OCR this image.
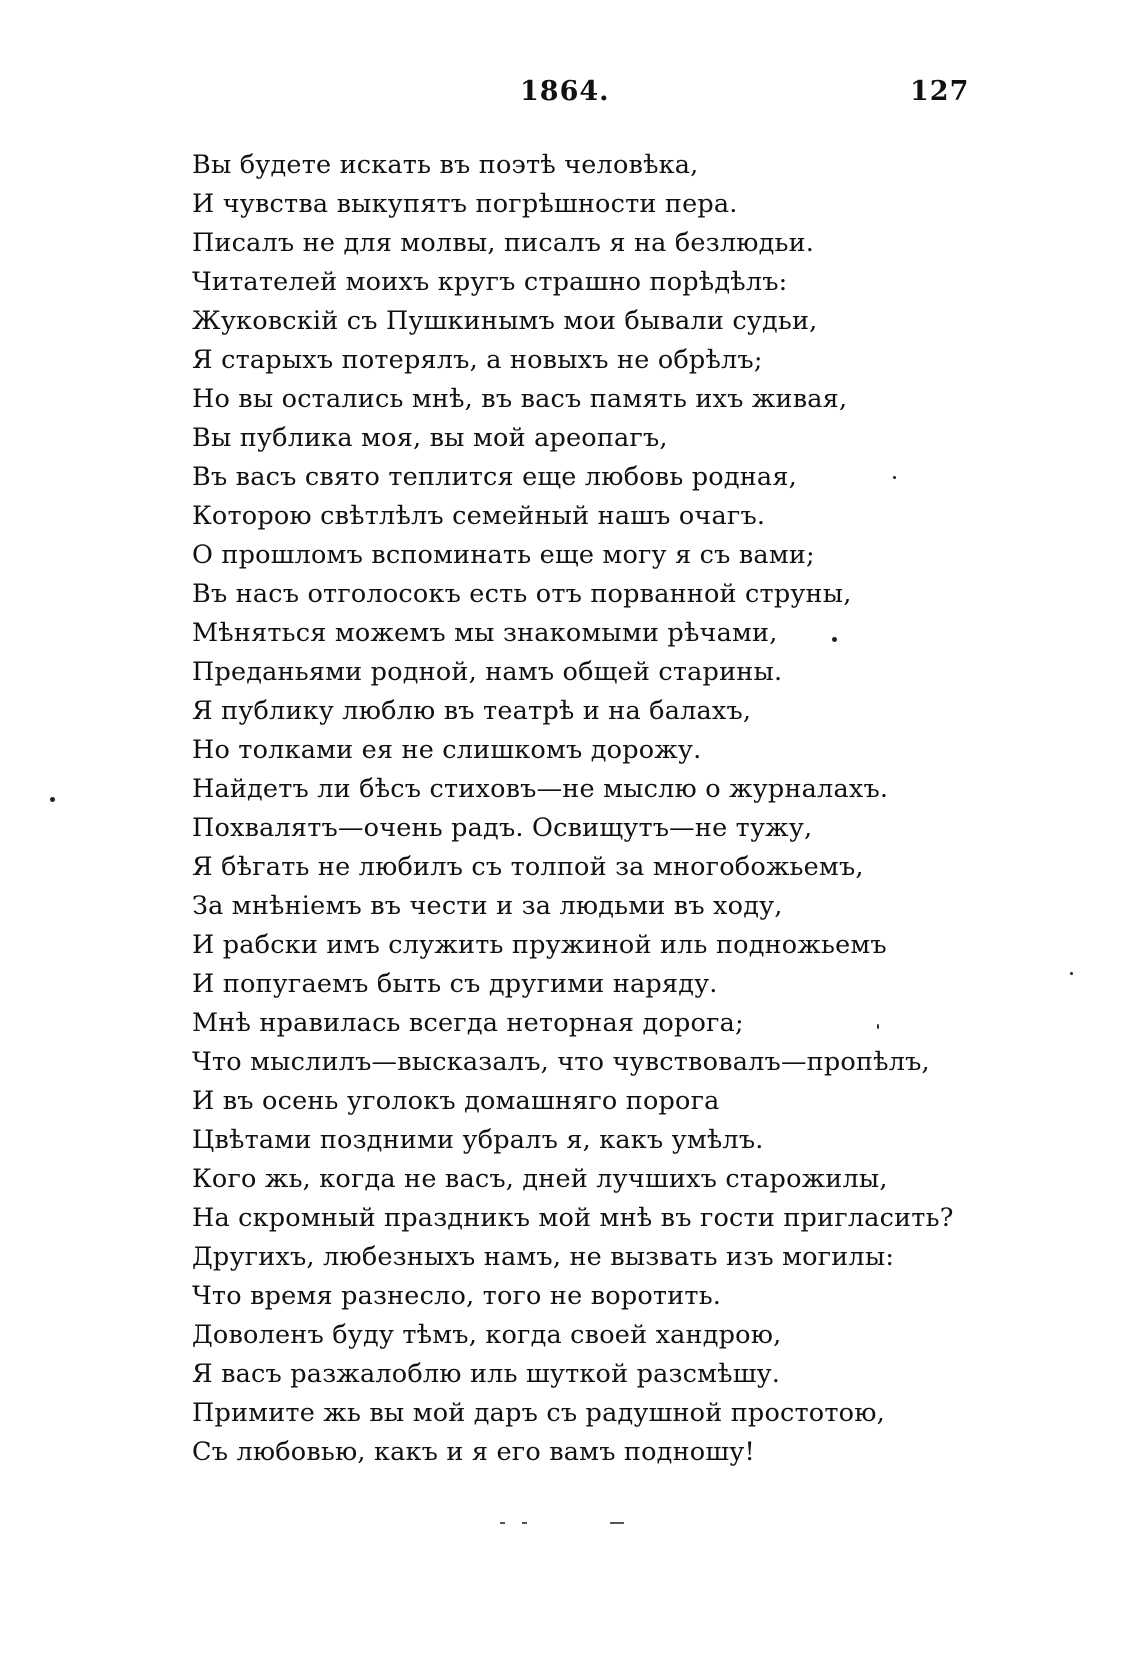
1864.	127
Вы будете искать въ поэтѣ человѣка,
И чувства выкупятъ погрѣшности пера.
Писалъ не для молвы, писалъ я на безлюдьи.
Читателей моихъ кругъ страшно порѣдѣлъ:
Жуковскій съ Пушкинымъ мои бывали судьи,
Я старыхъ потерялъ, а новыхъ не обрѣлъ;
Но вы остались мнѣ, въ васъ память ихъ живая,
Вы публика моя, вы мой ареопагъ,
Въ васъ свято теплится еще любовь родная,
Которою свѣтлѣлъ семейный нашъ очагъ.
О прошломъ вспоминать еще могу я съ вами;
Въ насъ отголосокъ есть отъ порванной струны,
Мѣняться можемъ мы знакомыми рѣчами,
Преданьями родной, намъ общей старины.
Я публику люблю въ театрѣ и на балахъ,
Но толками ея не слишкомъ дорожу.
Найдетъ ли бѣсъ стиховъ—не мыслю о журналахъ.
Похвалятъ—очень радъ. Освищутъ—не тужу,
Я бѣгать не любилъ съ толпой за многобожьемъ,
За мнѣніемъ въ чести и за людьми въ ходу,
И рабски имъ служить пружиной иль подножьемъ
И попугаемъ быть съ другими наряду.
Мнѣ нравилась всегда неторная дорога;
Что мыслилъ—высказалъ, что чувствовалъ—пропѣлъ,
И въ осень уголокъ домашняго порога
Цвѣтами поздними убралъ я, какъ умѣлъ.
Кого жь, когда не васъ, дней лучшихъ старожилы,
На скромный праздникъ мой мнѣ въ гости пригласить?
Другихъ, любезныхъ намъ, не вызвать изъ могилы:
Что время разнесло, того не воротить.
Доволенъ буду тѣмъ, когда своей хандрою,
Я васъ разжалоблю иль шуткой разсмѣшу.
Примите жь вы мой даръ съ радушной простотою,
Съ любовью, какъ и я его вамъ подношу!
